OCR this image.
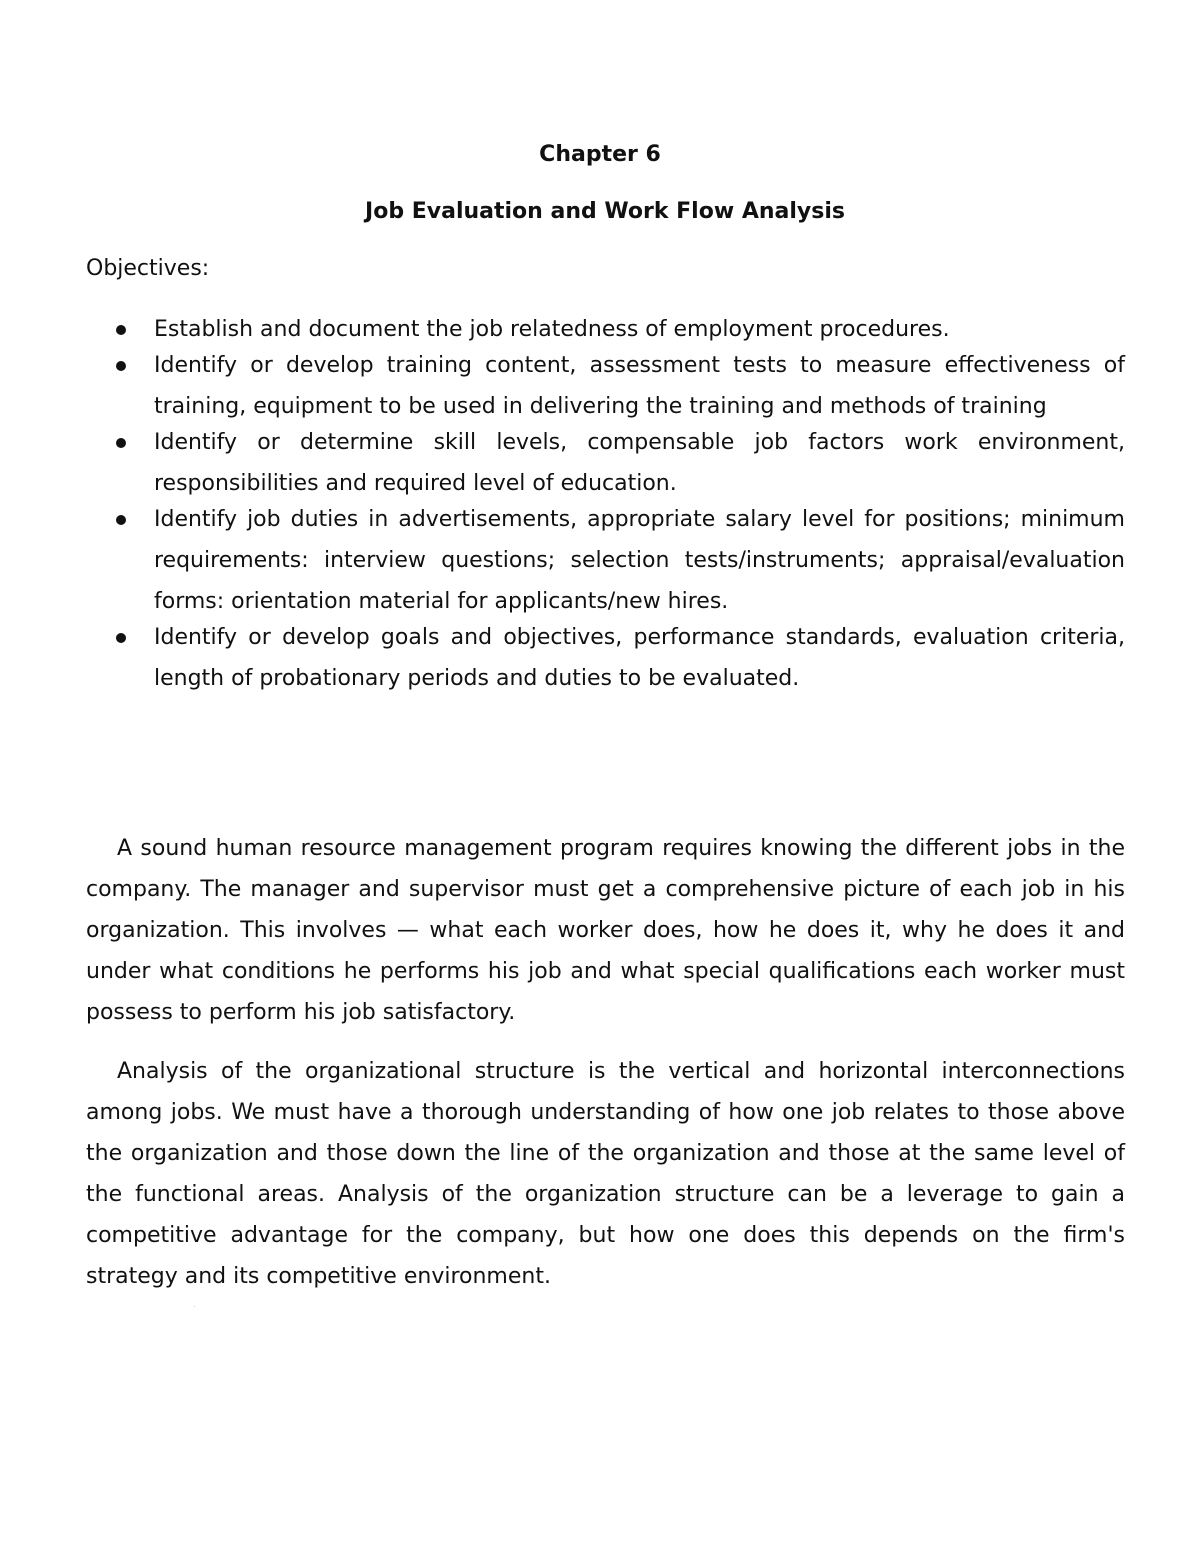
Chapter 6
Job Evaluation and Work Flow Analysis

Objectives:

Establish and document the job relatedness of employment procedures.
Identify or develop training content, assessment tests to measure effectiveness of training, equipment to be used in delivering the training and methods of training
Identify or determine skill levels, compensable job factors work environment, responsibilities and required level of education.
Identify job duties in advertisements, appropriate salary level for positions; minimum requirements: interview questions; selection tests/instruments; appraisal/evaluation forms: orientation material for applicants/new hires.
Identify or develop goals and objectives, performance standards, evaluation criteria, length of probationary periods and duties to be evaluated.

A sound human resource management program requires knowing the different jobs in the company. The manager and supervisor must get a comprehensive picture of each job in his organization. This involves — what each worker does, how he does it, why he does it and under what conditions he performs his job and what special qualifications each worker must possess to perform his job satisfactory.

Analysis of the organizational structure is the vertical and horizontal interconnections among jobs. We must have a thorough understanding of how one job relates to those above the organization and those down the line of the organization and those at the same level of the functional areas. Analysis of the organization structure can be a leverage to gain a competitive advantage for the company, but how one does this depends on the firm's strategy and its competitive environment.
